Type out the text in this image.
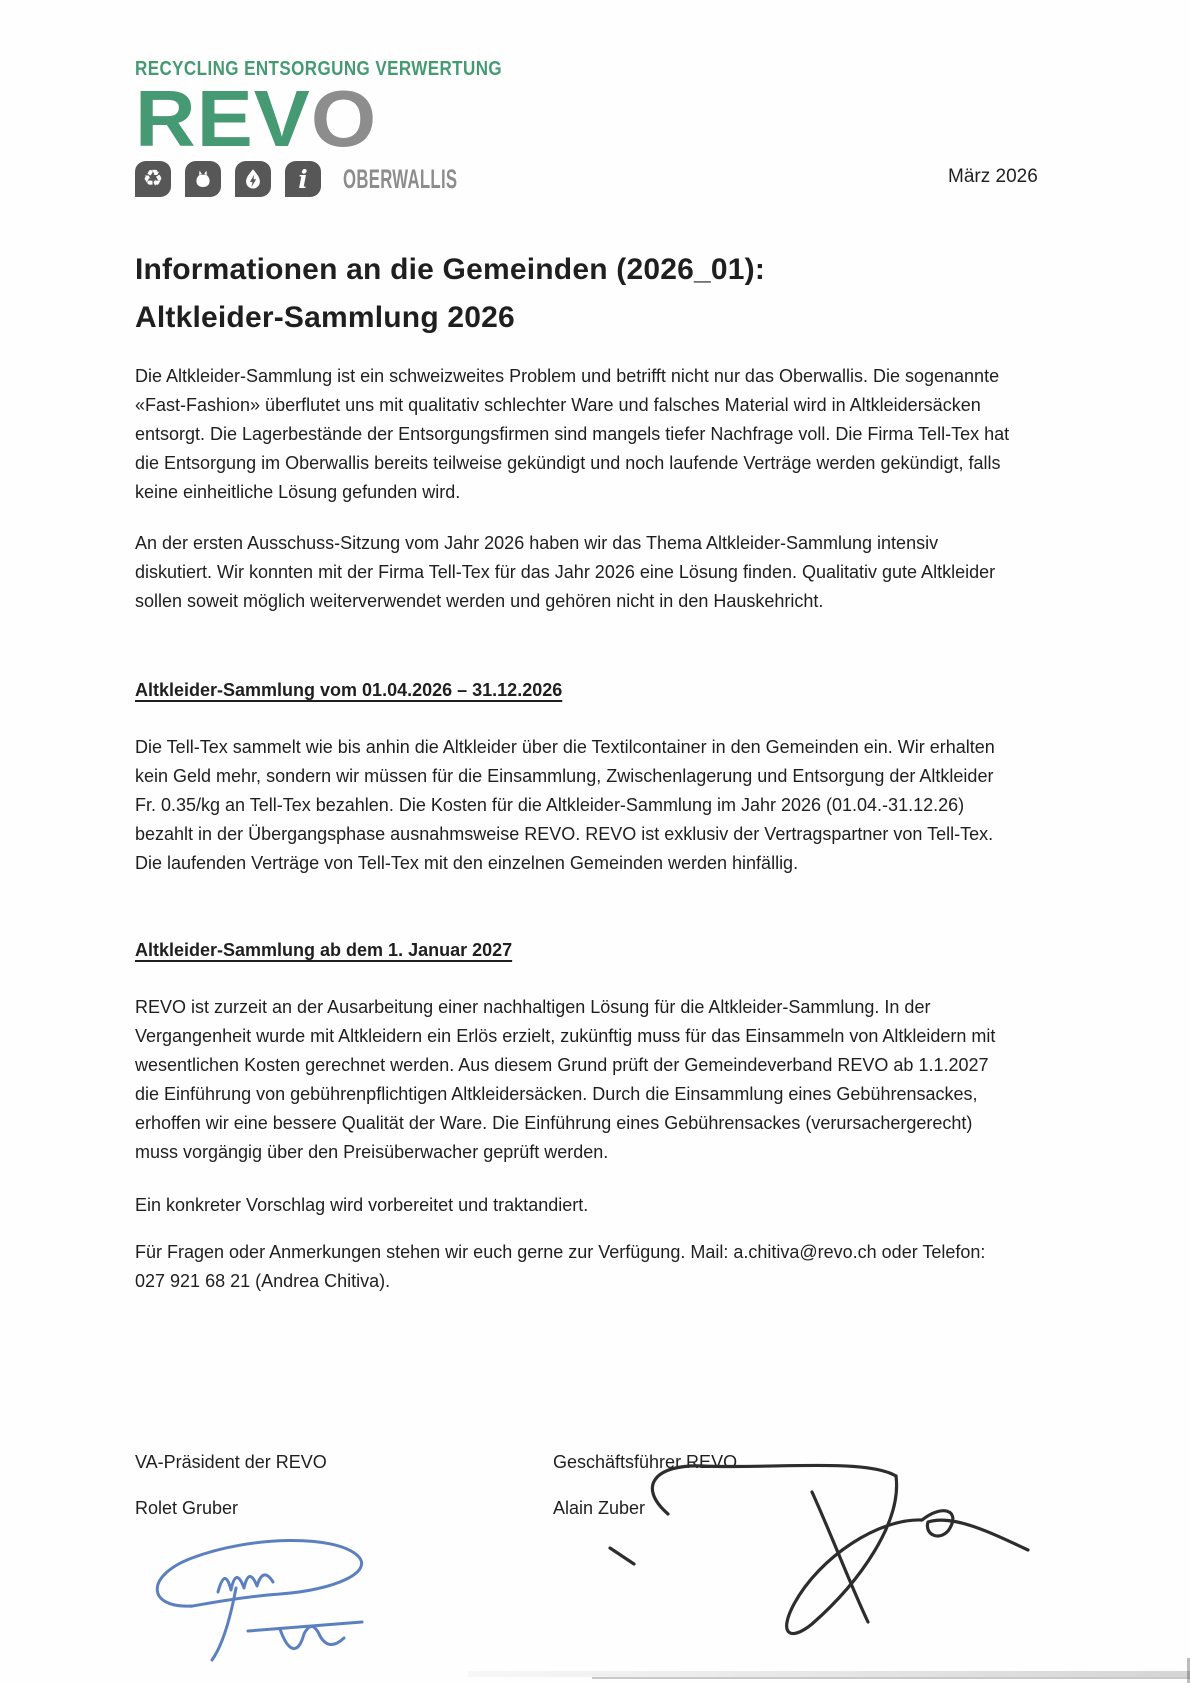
RECYCLING ENTSORGUNG VERWERTUNG
REVO
♻	i OBERWALLIS	März 2026
Informationen an die Gemeinden (2026_01):
Altkleider-Sammlung 2026

Die Altkleider-Sammlung ist ein schweizweites Problem und betrifft nicht nur das Oberwallis. Die sogenannte «Fast-Fashion» überflutet uns mit qualitativ schlechter Ware und falsches Material wird in Altkleidersäcken entsorgt. Die Lagerbestände der Entsorgungsfirmen sind mangels tiefer Nachfrage voll. Die Firma Tell-Tex hat die Entsorgung im Oberwallis bereits teilweise gekündigt und noch laufende Verträge werden gekündigt, falls keine einheitliche Lösung gefunden wird.

An der ersten Ausschuss-Sitzung vom Jahr 2026 haben wir das Thema Altkleider-Sammlung intensiv diskutiert. Wir konnten mit der Firma Tell-Tex für das Jahr 2026 eine Lösung finden. Qualitativ gute Altkleider sollen soweit möglich weiterverwendet werden und gehören nicht in den Hauskehricht.

Altkleider-Sammlung vom 01.04.2026 – 31.12.2026

Die Tell-Tex sammelt wie bis anhin die Altkleider über die Textilcontainer in den Gemeinden ein. Wir erhalten kein Geld mehr, sondern wir müssen für die Einsammlung, Zwischenlagerung und Entsorgung der Altkleider Fr. 0.35/kg an Tell-Tex bezahlen. Die Kosten für die Altkleider-Sammlung im Jahr 2026 (01.04.-31.12.26) bezahlt in der Übergangsphase ausnahmsweise REVO. REVO ist exklusiv der Vertragspartner von Tell-Tex. Die laufenden Verträge von Tell-Tex mit den einzelnen Gemeinden werden hinfällig.

Altkleider-Sammlung ab dem 1. Januar 2027

REVO ist zurzeit an der Ausarbeitung einer nachhaltigen Lösung für die Altkleider-Sammlung. In der Vergangenheit wurde mit Altkleidern ein Erlös erzielt, zukünftig muss für das Einsammeln von Altkleidern mit wesentlichen Kosten gerechnet werden. Aus diesem Grund prüft der Gemeindeverband REVO ab 1.1.2027 die Einführung von gebührenpflichtigen Altkleidersäcken. Durch die Einsammlung eines Gebührensackes, erhoffen wir eine bessere Qualität der Ware. Die Einführung eines Gebührensackes (verursachergerecht) muss vorgängig über den Preisüberwacher geprüft werden.

Ein konkreter Vorschlag wird vorbereitet und traktandiert.

Für Fragen oder Anmerkungen stehen wir euch gerne zur Verfügung. Mail: a.chitiva@revo.ch oder Telefon: 027 921 68 21 (Andrea Chitiva).

VA-Präsident der REVO
Rolet Gruber
Geschäftsführer REVO
Alain Zuber
